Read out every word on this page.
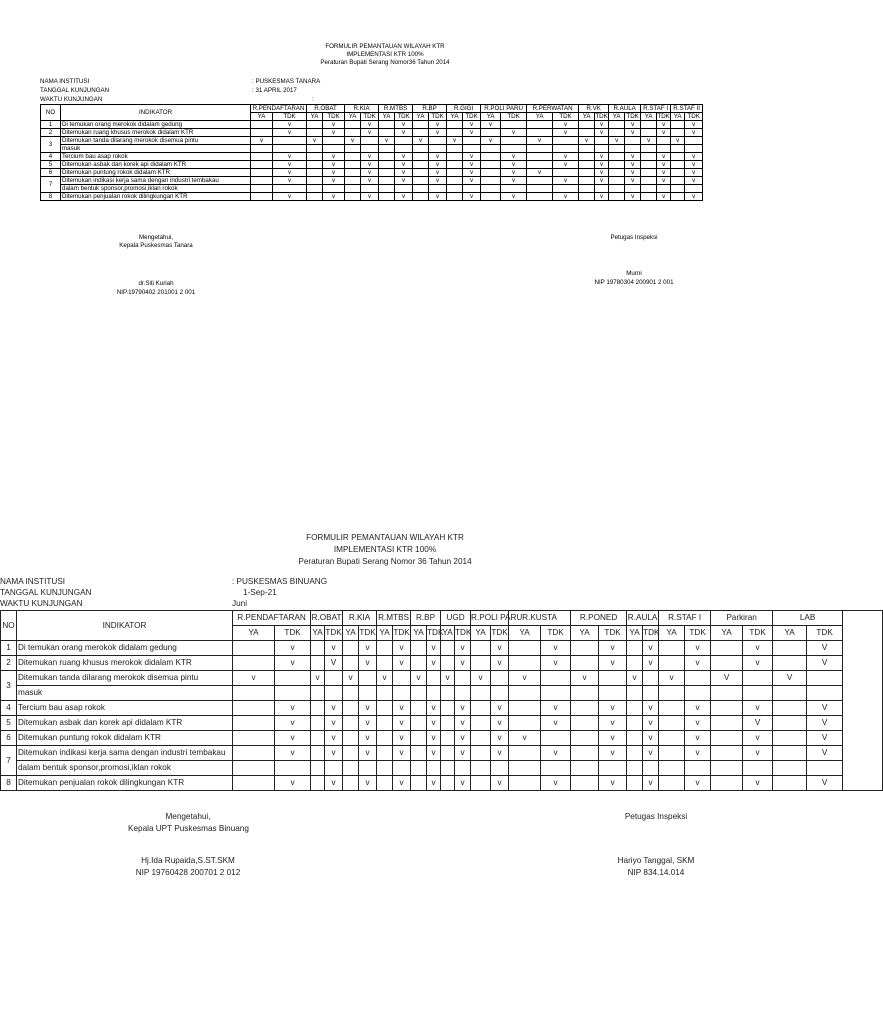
FORMULIR PEMANTAUAN WILAYAH KTR
IMPLEMENTASI KTR 100%
Peraturan Bupati Serang Nomor36 Tahun 2014
NAMA INSTITUSI	: PUSKESMAS TANARA
TANGGAL KUNJUNGAN	: 31 APRIL 2017
WAKTU KUNJUNGAN	:
NO	INDIKATOR	R.PENDAFTARAN		R.OBAT		R.KIA		R.MTBS		R.BP		R.GIGI		R.POLI PARU		R.PERWATAN		R.VK		R.AULA		R.STAF I		R.STAF II	
		YA	TDK	YA	TDK	YA	TDK	YA	TDK	YA	TDK	YA	TDK	YA	TDK	YA	TDK	YA	TDK	YA	TDK	YA	TDK	YA	TDK
1	Di temukan orang merokok didalam gedung		v		v		v		v		v		v	v			v		v		v		v		v
2	Ditemukan ruang khusus merokok didalam KTR		v		v		v		v		v		v		v		v		v		v		v		v
3	Ditemukan tanda dilarang merokok disemua pintu	v		v		v		v		v		v		v		v		v		v		v		v	
	masuk																								
4	Tercium bau asap rokok		v		v		v		v		v		v		v		v		v		v		v		v
5	Ditemukan asbak dan korek api didalam KTR		v		v		v		v		v		v		v		v		v		v		v		v
6	Ditemukan puntung rokok didalam KTR		v		v		v		v		v		v		v	v			v		v		v		v
7	Ditemukan indikasi kerja sama dengan industri tembakau		v		v		v		v		v		v		v		v		v		v		v		v
	dalam bentuk sponsor,promosi,iklan rokok																								
8	Ditemukan penjualan rokok dilingkungan KTR		v		v		v		v		v		v		v		v		v		v		v		v
Mengetahui,
Kepala Puskesmas Tanara
dr.Siti Kuriah
NIP.19790402 201001 2 001
Petugas Inspeksi
Murni
NIP 19780304 200901 2 001
FORMULIR PEMANTAUAN WILAYAH KTR
IMPLEMENTASI KTR 100%
Peraturan Bupati Serang Nomor 36 Tahun 2014
NAMA INSTITUSI	: PUSKESMAS BINUANG
TANGGAL KUNJUNGAN	1-Sep-21
WAKTU KUNJUNGAN	Juni
NO	INDIKATOR	R.PENDAFTARAN		R.OBAT		R.KIA		R.MTBS		R.BP		UGD		R.POLI PARU		R.KUSTA		R.PONED		R.AULA		R.STAF I		Parkiran		LAB	
		YA	TDK	YA	TDK	YA	TDK	YA	TDK	YA	TDK	YA	TDK	YA	TDK	YA	TDK	YA	TDK	YA	TDK	YA	TDK	YA	TDK	YA	TDK
1	Di temukan orang merokok didalam gedung		v		v		v		v		v		v		v		v		v		v		v		v		V
2	Ditemukan ruang khusus merokok didalam KTR		v		V		v		v		v		v		v		v		v		v		v		v		V
3	Ditemukan tanda dilarang merokok disemua pintu	v		v		v		v		v		v		v		v		v		v		v		V		V	
	masuk																										
4	Tercium bau asap rokok		v		v		v		v		v		v		v		v		v		v		v		v		V
5	Ditemukan asbak dan korek api didalam KTR		v		v		v		v		v		v		v		v		v		v		v		V		V
6	Ditemukan puntung rokok didalam KTR		v		v		v		v		v		v		v	v			v		v		v		v		V
7	Ditemukan indikasi kerja sama dengan industri tembakau		v		v		v		v		v		v		v		v		v		v		v		v		V
	dalam bentuk sponsor,promosi,iklan rokok																										
8	Ditemukan penjualan rokok dilingkungan KTR		v		v		v		v		v		v		v		v		v		v		v		v		V
Mengetahui,
Kepala UPT Puskesmas Binuang
Hj.Ida Rupaida,S.ST.SKM
NIP 19760428 200701 2 012
Petugas Inspeksi
Hariyo Tanggal, SKM
NIP 834.14.014
